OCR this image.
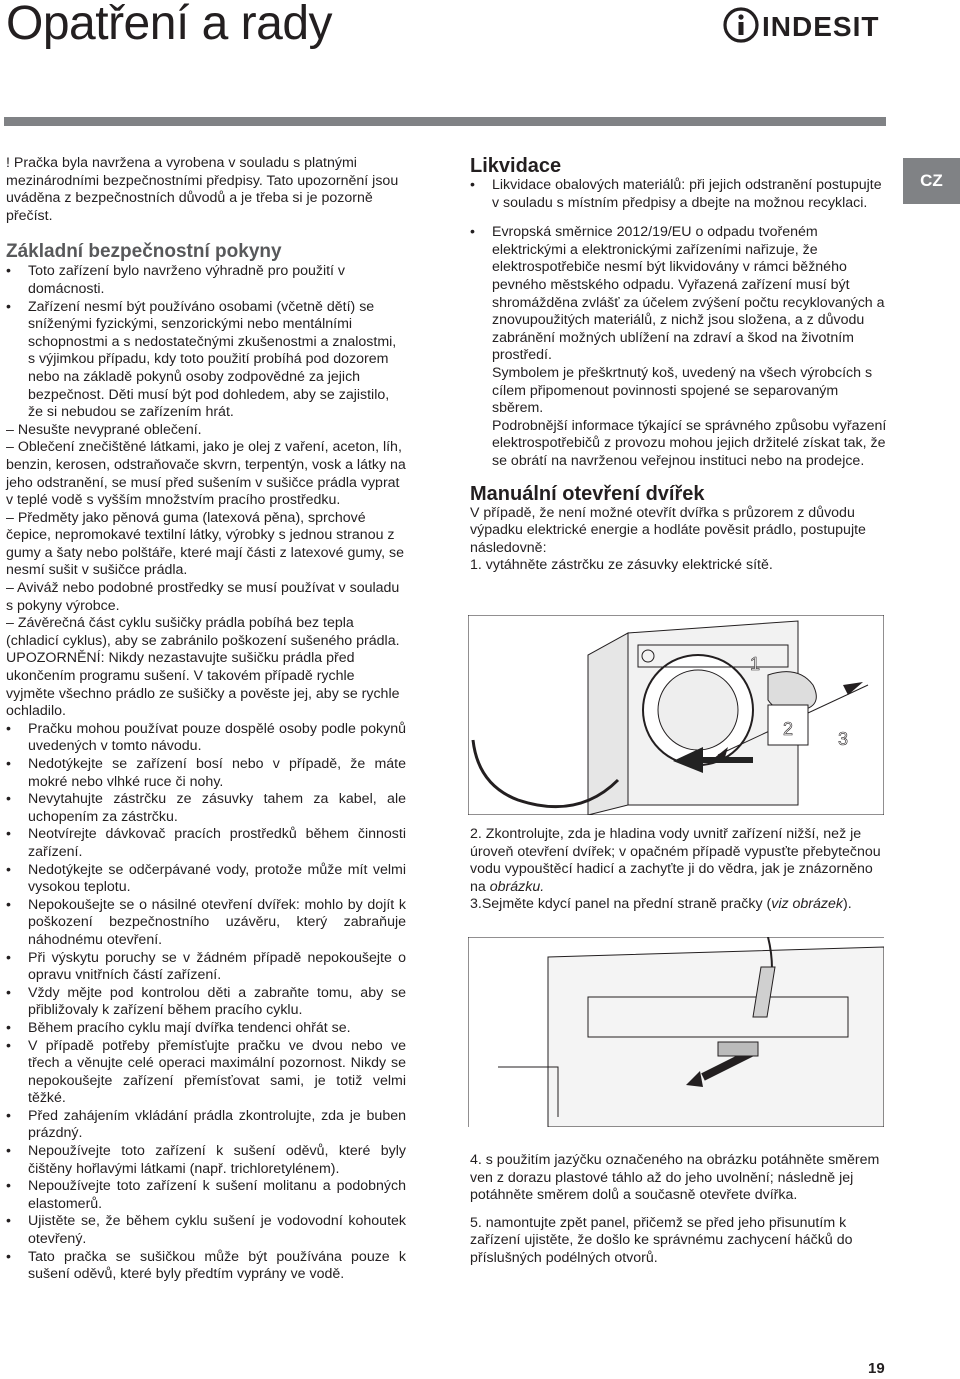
Opatření a rady	INDESIT
CZ

! Pračka byla navržena a vyrobena v souladu s platnými mezinárodními bezpečnostními předpisy. Tato upozornění jsou uváděna z bezpečnostních důvodů a je třeba si je pozorně přečíst.

Základní bezpečnostní pokyny

• Toto zařízení bylo navrženo výhradně pro použití v domácnosti.
• Zařízení nesmí být používáno osobami (včetně dětí) se sníženými fyzickými, senzorickými nebo mentálními schopnostmi a s nedostatečnými zkušenostmi a znalostmi, s výjimkou případu, kdy toto použití probíhá pod dozorem nebo na základě pokynů osoby zodpovědné za jejich bezpečnost. Děti musí být pod dohledem, aby se zajistilo, že si nebudou se zařízením hrát.

– Nesušte nevyprané oblečení.

– Oblečení znečištěné látkami, jako je olej z vaření, aceton, líh, benzin, kerosen, odstraňovače skvrn, terpentýn, vosk a látky na jeho odstranění, se musí před sušením v sušičce prádla vyprat v teplé vodě s vyšším množstvím pracího prostředku.

– Předměty jako pěnová guma (latexová pěna), sprchové čepice, nepromokavé textilní látky, výrobky s jednou stranou z gumy a šaty nebo polštáře, které mají části z latexové gumy, se nesmí sušit v sušičce prádla.

– Aviváž nebo podobné prostředky se musí používat v souladu s pokyny výrobce.

– Závěrečná část cyklu sušičky prádla pobíhá bez tepla (chladicí cyklus), aby se zabránilo poškození sušeného prádla.

UPOZORNĚNÍ: Nikdy nezastavujte sušičku prádla před ukončením programu sušení. V takovém případě rychle vyjměte všechno prádlo ze sušičky a pověste jej, aby se rychle ochladilo.

• Pračku mohou používat pouze dospělé osoby podle pokynů uvedených v tomto návodu.
• Nedotýkejte se zařízení bosí nebo v případě, že máte mokré nebo vlhké ruce či nohy.
• Nevytahujte zástrčku ze zásuvky tahem za kabel, ale uchopením za zástrčku.
• Neotvírejte dávkovač pracích prostředků během činnosti zařízení.
• Nedotýkejte se odčerpávané vody, protože může mít velmi vysokou teplotu.
• Nepokoušejte se o násilné otevření dvířek: mohlo by dojít k poškození bezpečnostního uzávěru, který zabraňuje náhodnému otevření.
• Při výskytu poruchy se v žádném případě nepokoušejte o opravu vnitřních částí zařízení.
• Vždy mějte pod kontrolou děti a zabraňte tomu, aby se přibližovaly k zařízení během pracího cyklu.
• Během pracího cyklu mají dvířka tendenci ohřát se.
• V případě potřeby přemísťujte pračku ve dvou nebo ve třech a věnujte celé operaci maximální pozornost. Nikdy se nepokoušejte zařízení přemísťovat sami, je totiž velmi těžké.
• Před zahájením vkládání prádla zkontrolujte, zda je buben prázdný.
• Nepoužívejte toto zařízení k sušení oděvů, které byly čištěny hořlavými látkami (např. trichloretylénem).
• Nepoužívejte toto zařízení k sušení molitanu a podobných elastomerů.
• Ujistěte se, že během cyklu sušení je vodovodní kohoutek otevřený.
• Tato pračka se sušičkou může být používána pouze k sušení oděvů, které byly předtím vyprány ve vodě.

Likvidace

• Likvidace obalových materiálů: při jejich odstranění postupujte v souladu s místním předpisy a dbejte na možnou recyklaci.
• Evropská směrnice 2012/19/EU o odpadu tvořeném elektrickými a elektronickými zařízeními nařizuje, že elektrospotřebiče nesmí být likvidovány v rámci běžného pevného městského odpadu. Vyřazená zařízení musí být shromážděna zvlášť za účelem zvýšení počtu recyklovaných a znovupoužitých materiálů, z nichž jsou složena, a z důvodu zabránění možných ublížení na zdraví a škod na životním prostředí.
Symbolem je přeškrtnutý koš, uvedený na všech výrobcích s cílem připomenout povinnosti spojené se separovaným sběrem.
Podrobnější informace týkající se správného způsobu vyřazení elektrospotřebičů z provozu mohou jejich držitelé získat tak, že se obrátí na navrženou veřejnou instituci nebo na prodejce.

Manuální otevření dvířek

V případě, že není možné otevřít dvířka s průzorem z důvodu výpadku elektrické energie a hodláte pověsit prádlo, postupujte následovně:

1. vytáhněte zástrčku ze zásuvky elektrické sítě.

1
2 3

2. Zkontrolujte, zda je hladina vody uvnitř zařízení nižší, než je úroveň otevření dvířek; v opačném případě vypusťte přebytečnou vodu vypouštěcí hadicí a zachyťte ji do vědra, jak je znázorněno na obrázku.

3.Sejměte kdycí panel na přední straně pračky (viz obrázek).

4. s použitím jazýčku označeného na obrázku potáhněte směrem ven z dorazu plastové táhlo až do jeho uvolnění; následně jej potáhněte směrem dolů a současně otevřete dvířka.

5. namontujte zpět panel, přičemž se před jeho přisunutím k zařízení ujistěte, že došlo ke správnému zachycení háčků do příslušných podélných otvorů.

19
